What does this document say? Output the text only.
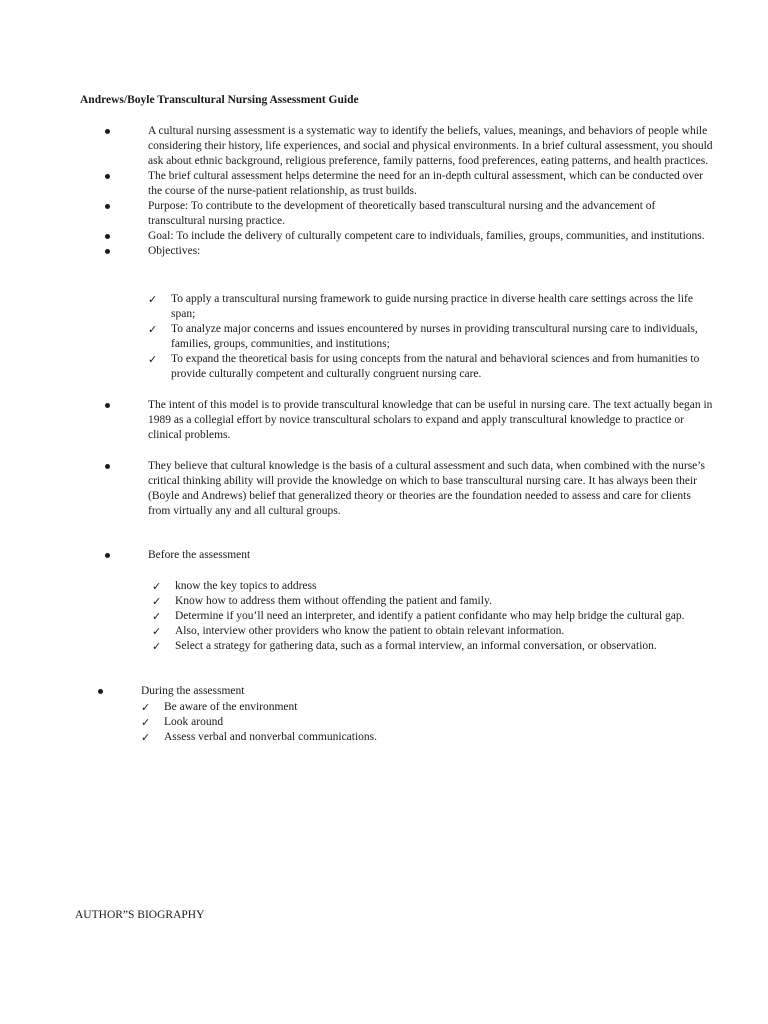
Andrews/Boyle Transcultural Nursing Assessment Guide
A cultural nursing assessment is a systematic way to identify the beliefs, values, meanings, and behaviors of people while considering their history, life experiences, and social and physical environments. In a brief cultural assessment, you should ask about ethnic background, religious preference, family patterns, food preferences, eating patterns, and health practices.
The brief cultural assessment helps determine the need for an in-depth cultural assessment, which can be conducted over the course of the nurse-patient relationship, as trust builds.
Purpose: To contribute to the development of theoretically based transcultural nursing and the advancement of transcultural nursing practice.
Goal: To include the delivery of culturally competent care to individuals, families, groups, communities, and institutions.
Objectives:
✓ To apply a transcultural nursing framework to guide nursing practice in diverse health care settings across the life span;
✓ To analyze major concerns and issues encountered by nurses in providing transcultural nursing care to individuals, families, groups, communities, and institutions;
✓ To expand the theoretical basis for using concepts from the natural and behavioral sciences and from humanities to provide culturally competent and culturally congruent nursing care.
The intent of this model is to provide transcultural knowledge that can be useful in nursing care. The text actually began in 1989 as a collegial effort by novice transcultural scholars to expand and apply transcultural knowledge to practice or clinical problems.
They believe that cultural knowledge is the basis of a cultural assessment and such data, when combined with the nurse’s critical thinking ability will provide the knowledge on which to base transcultural nursing care. It has always been their (Boyle and Andrews) belief that generalized theory or theories are the foundation needed to assess and care for clients from virtually any and all cultural groups.
Before the assessment
✓ know the key topics to address
✓ Know how to address them without offending the patient and family.
✓ Determine if you’ll need an interpreter, and identify a patient confidante who may help bridge the cultural gap.
✓ Also, interview other providers who know the patient to obtain relevant information.
✓ Select a strategy for gathering data, such as a formal interview, an informal conversation, or observation.
During the assessment
✓ Be aware of the environment
✓ Look around
✓ Assess verbal and nonverbal communications.
AUTHOR”S BIOGRAPHY
